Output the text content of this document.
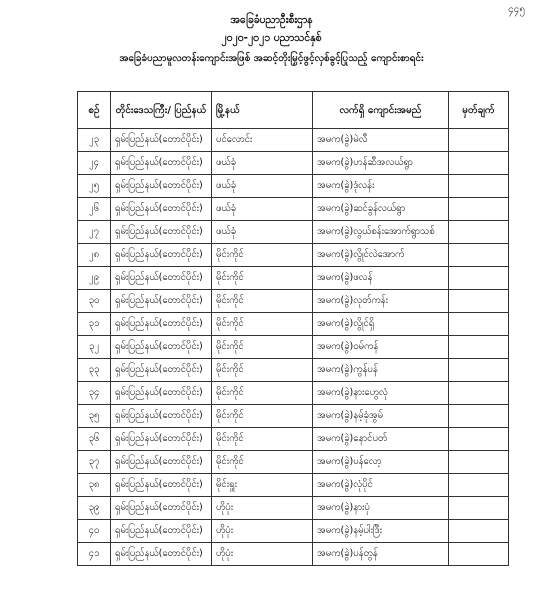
၄၄၅
အခြေခံပညာဦးစီးဌာန
၂၀၂၀-၂၀၂၁ ပညာသင်နှစ်
အခြေခံပညာမူလတန်းကျောင်းအဖြစ် အဆင့်တိုးမြှင့်ဖွင့်လှစ်ခွင့်ပြုသည့် ကျောင်းစာရင်း
စဉ်	တိုင်းဒေသကြီး/ ပြည်နယ်	မြို့နယ်	လက်ရှိ ကျောင်းအမည်	မှတ်ချက်
၂၃	ရှမ်းပြည်နယ်(တောင်ပိုင်း)	ပင်လောင်း	အမက(ခွဲ)မဲလီ	
၂၄	ရှမ်းပြည်နယ်(တောင်ပိုင်း)	ဖယ်ခုံ	အမက(ခွဲ)ဟန်ဆီအလယ်ရွာ	
၂၅	ရှမ်းပြည်နယ်(တောင်ပိုင်း)	ဖယ်ခုံ	အမက(ခွဲ)ဒုံလန်း	
၂၆	ရှမ်းပြည်နယ်(တောင်ပိုင်း)	ဖယ်ခုံ	အမက(ခွဲ)ဆင်ခွန်လယ်ရွာ	
၂၇	ရှမ်းပြည်နယ်(တောင်ပိုင်း)	ဖယ်ခုံ	အမက(ခွဲ)လွယ်စန်းအောက်ရွာသစ်	
၂၈	ရှမ်းပြည်နယ်(တောင်ပိုင်း)	မိုင်းကိုင်	အမက(ခွဲ)လွိုင်လဲအောက်	
၂၉	ရှမ်းပြည်နယ်(တောင်ပိုင်း)	မိုင်းကိုင်	အမက(ခွဲ)ဖလန်	
၃၀	ရှမ်းပြည်နယ်(တောင်ပိုင်း)	မိုင်းကိုင်	အမက(ခွဲ)လုတ်ကန်း	
၃၁	ရှမ်းပြည်နယ်(တောင်ပိုင်း)	မိုင်းကိုင်	အမက(ခွဲ)လွိုင်ရှိ	
၃၂	ရှမ်းပြည်နယ်(တောင်ပိုင်း)	မိုင်းကိုင်	အမက(ခွဲ)ဝမ်ကန်	
၃၃	ရှမ်းပြည်နယ်(တောင်ပိုင်း)	မိုင်းကိုင်	အမက(ခွဲ)ကွန်ပန်	
၃၄	ရှမ်းပြည်နယ်(တောင်ပိုင်း)	မိုင်းကိုင်	အမက(ခွဲ)နားဟွေလုံ	
၃၅	ရှမ်းပြည်နယ်(တောင်ပိုင်း)	မိုင်းကိုင်	အမက(ခွဲ)နမ့်ခုံအွမ်	
၃၆	ရှမ်းပြည်နယ်(တောင်ပိုင်း)	မိုင်းကိုင်	အမက(ခွဲ)နောင်ပတ်	
၃၇	ရှမ်းပြည်နယ်(တောင်ပိုင်း)	မိုင်းကိုင်	အမက(ခွဲ)ပန်လော့	
၃၈	ရှမ်းပြည်နယ်(တောင်ပိုင်း)	မိုင်းရှူး	အမက(ခွဲ)လုံပိုင်	
၃၉	ရှမ်းပြည်နယ်(တောင်ပိုင်း)	ဟိုပုံး	အမက(ခွဲ)နားပုံ	
၄၀	ရှမ်းပြည်နယ်(တောင်ပိုင်း)	ဟိုပုံး	အမက(ခွဲ)နမ့်ပါးဒြီး	
၄၁	ရှမ်းပြည်နယ်(တောင်ပိုင်း)	ဟိုပုံး	အမက(ခွဲ)ပန်တွန်	
